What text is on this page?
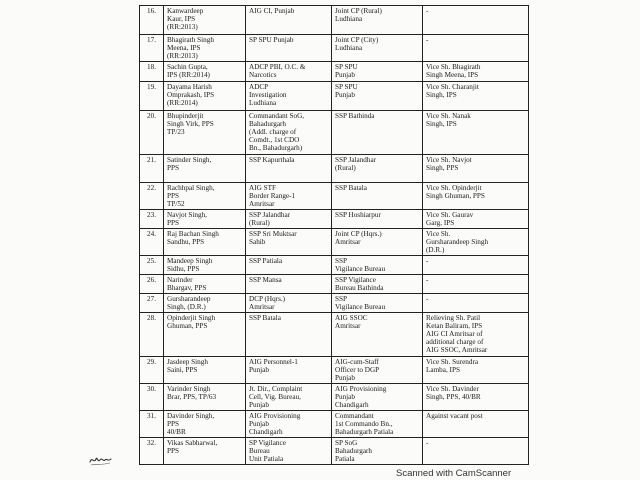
16.	Kanwardeep
Kaur, IPS
(RR:2013)	AIG CI, Punjab	Joint CP (Rural)
Ludhiana	-
17.	Bhagirath Singh
Meena, IPS
(RR:2013)	SP SPU Punjab	Joint CP (City)
Ludhiana	-
18.	Sachin Gupta,
IPS (RR:2014)	ADCP PBI, O.C. &
Narcotics	SP SPU
Punjab	Vice Sh. Bhagirath
Singh Meena, IPS
19.	Dayama Harish
Omprakash, IPS
(RR:2014)	ADCP
Investigation
Ludhiana	SP SPU
Punjab	Vice Sh. Charanjit
Singh, IPS
20.	Bhupinderjit
Singh Virk, PPS
TP/23	Commandant SoG,
Bahadurgarh
(Addl. charge of
Comdt., 1st CDO
Bn., Bahadurgarh)	SSP Bathinda	Vice Sh. Nanak
Singh, IPS
21.	Satinder Singh,
PPS	SSP Kapurthala	SSP Jalandhar
(Rural)	Vice Sh. Navjot
Singh, PPS
22.	Rachhpal Singh,
PPS
TP/52	AIG STF
Border Range-1
Amritsar	SSP Batala	Vice Sh. Opinderjit
Singh Ghuman, PPS
23.	Navjot Singh,
PPS	SSP Jalandhar
(Rural)	SSP Hoshiarpur	Vice Sh. Gaurav
Garg, IPS
24.	Raj Bachan Singh
Sandhu, PPS	SSP Sri Muktsar
Sahib	Joint CP (Hqrs.)
Amritsar	Vice Sh.
Gursharandeep Singh
(D.R.)
25.	Mandeep Singh
Sidhu, PPS	SSP Patiala	SSP
Vigilance Bureau	-
26.	Narinder
Bhargav, PPS	SSP Mansa	SSP Vigilance
Bureau Bathinda	-
27.	Gursharandeep
Singh, (D.R.)	DCP (Hqrs.)
Amritsar	SSP
Vigilance Bureau	-
28.	Opinderjit Singh
Ghuman, PPS	SSP Batala	AIG SSOC
Amritsar	Relieving Sh. Patil
Ketan Baliram, IPS
AIG CI Amritsar of
additional charge of
AIG SSOC, Amritsar
29.	Jasdeep Singh
Saini, PPS	AIG Personnel-1
Punjab	AIG-cum-Staff
Officer to DGP
Punjab	Vice Sh. Surendra
Lamba, IPS
30.	Varinder Singh
Brar, PPS, TP/63	Jt. Dir., Complaint
Cell, Vig. Bureau,
Punjab	AIG Provisioning
Punjab
Chandigarh	Vice Sh. Davinder
Singh, PPS, 40/BR
31.	Davinder Singh,
PPS
40/BR	AIG Provisioning
Punjab
Chandigarh	Commandant
1st Commando Bn.,
Bahadurgarh Patiala	Against vacant post
32.	Vikas Sabharwal,
PPS	SP Vigilance
Bureau
Unit Patiala	SP SoG
Bahadurgarh
Patiala	-
Scanned with CamScanner
